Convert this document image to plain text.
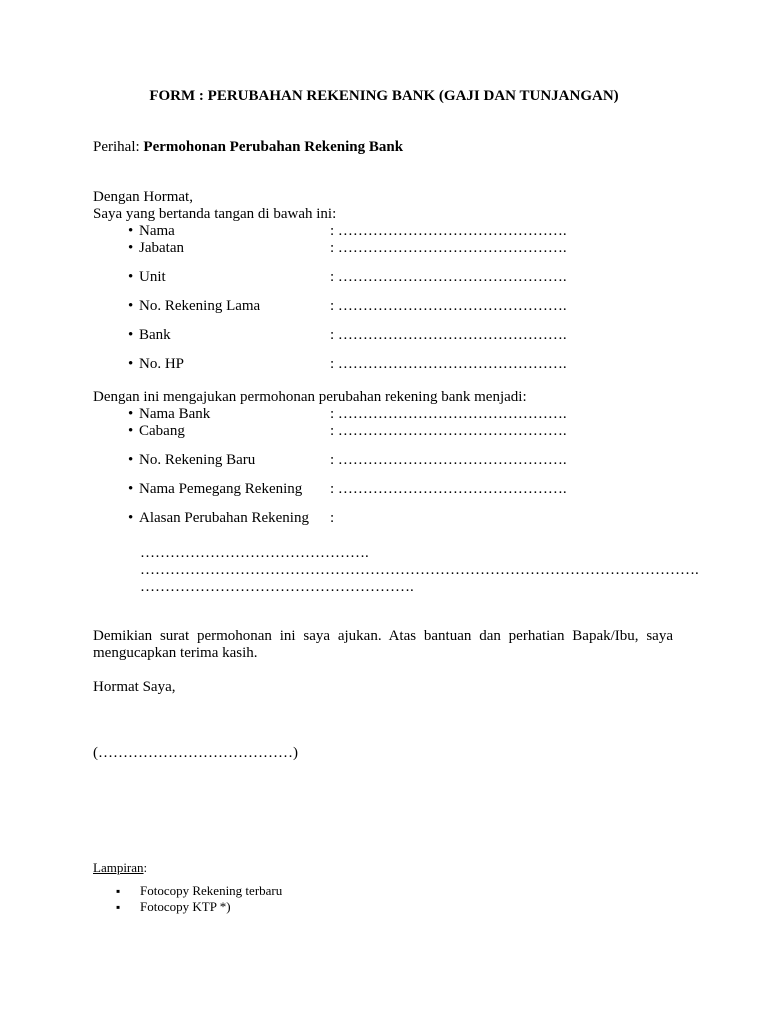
FORM : PERUBAHAN REKENING BANK (GAJI DAN TUNJANGAN)
Perihal: Permohonan Perubahan Rekening Bank
Dengan Hormat,
Saya yang bertanda tangan di bawah ini:
• Nama	: ……………………………………….
• Jabatan	: ……………………………………….
• Unit	: ……………………………………….
• No. Rekening Lama	: ……………………………………….
• Bank	: ……………………………………….
• No. HP	: ……………………………………….
Dengan ini mengajukan permohonan perubahan rekening bank menjadi:
• Nama Bank	: ……………………………………….
• Cabang	: ……………………………………….
• No. Rekening Baru	: ……………………………………….
• Nama Pemegang Rekening : ……………………………………….
• Alasan Perubahan Rekening :
……………………………………….
………………………………………………………………………………………………….
……………………………………………….
Demikian surat permohonan ini saya ajukan. Atas bantuan dan perhatian Bapak/Ibu, saya mengucapkan terima kasih.
Hormat Saya,
(…………………………………)
Lampiran:
▪ Fotocopy Rekening terbaru
▪ Fotocopy KTP *)
